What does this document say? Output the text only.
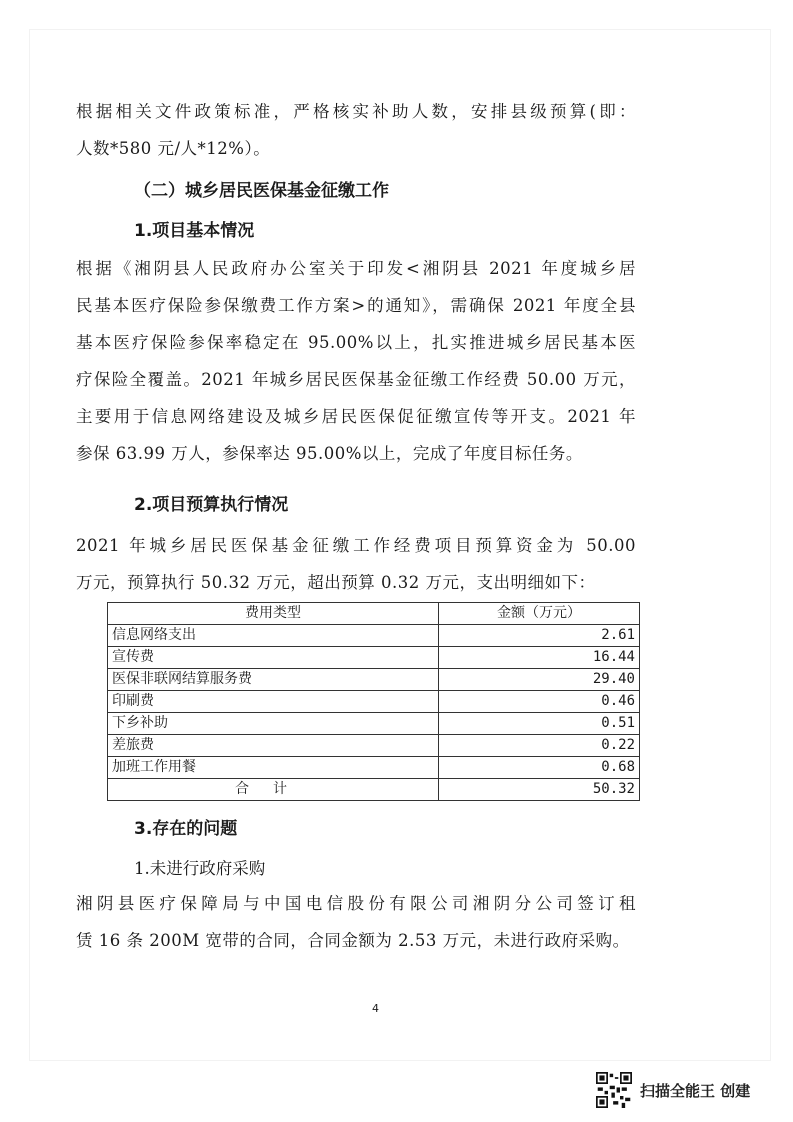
根据相关文件政策标准，严格核实补助人数，安排县级预算(即：
人数*580 元/人*12%）。
（二）城乡居民医保基金征缴工作
1.项目基本情况
根据《湘阴县人民政府办公室关于印发<湘阴县 2021 年度城乡居
民基本医疗保险参保缴费工作方案>的通知》，需确保 2021 年度全县
基本医疗保险参保率稳定在 95.00%以上，扎实推进城乡居民基本医
疗保险全覆盖。2021 年城乡居民医保基金征缴工作经费 50.00 万元，
主要用于信息网络建设及城乡居民医保促征缴宣传等开支。2021 年
参保 63.99 万人，参保率达 95.00%以上，完成了年度目标任务。
2.项目预算执行情况
2021 年城乡居民医保基金征缴工作经费项目预算资金为 50.00
万元，预算执行 50.32 万元，超出预算 0.32 万元，支出明细如下：
费用类型	金额（万元）
信息网络支出	2.61
宣传费	16.44
医保非联网结算服务费	29.40
印刷费	0.46
下乡补助	0.51
差旅费	0.22
加班工作用餐	0.68
合计	50.32
3.存在的问题
1.未进行政府采购
湘阴县医疗保障局与中国电信股份有限公司湘阴分公司签订租
赁 16 条 200M 宽带的合同，合同金额为 2.53 万元，未进行政府采购。
4
扫描全能王 创建
